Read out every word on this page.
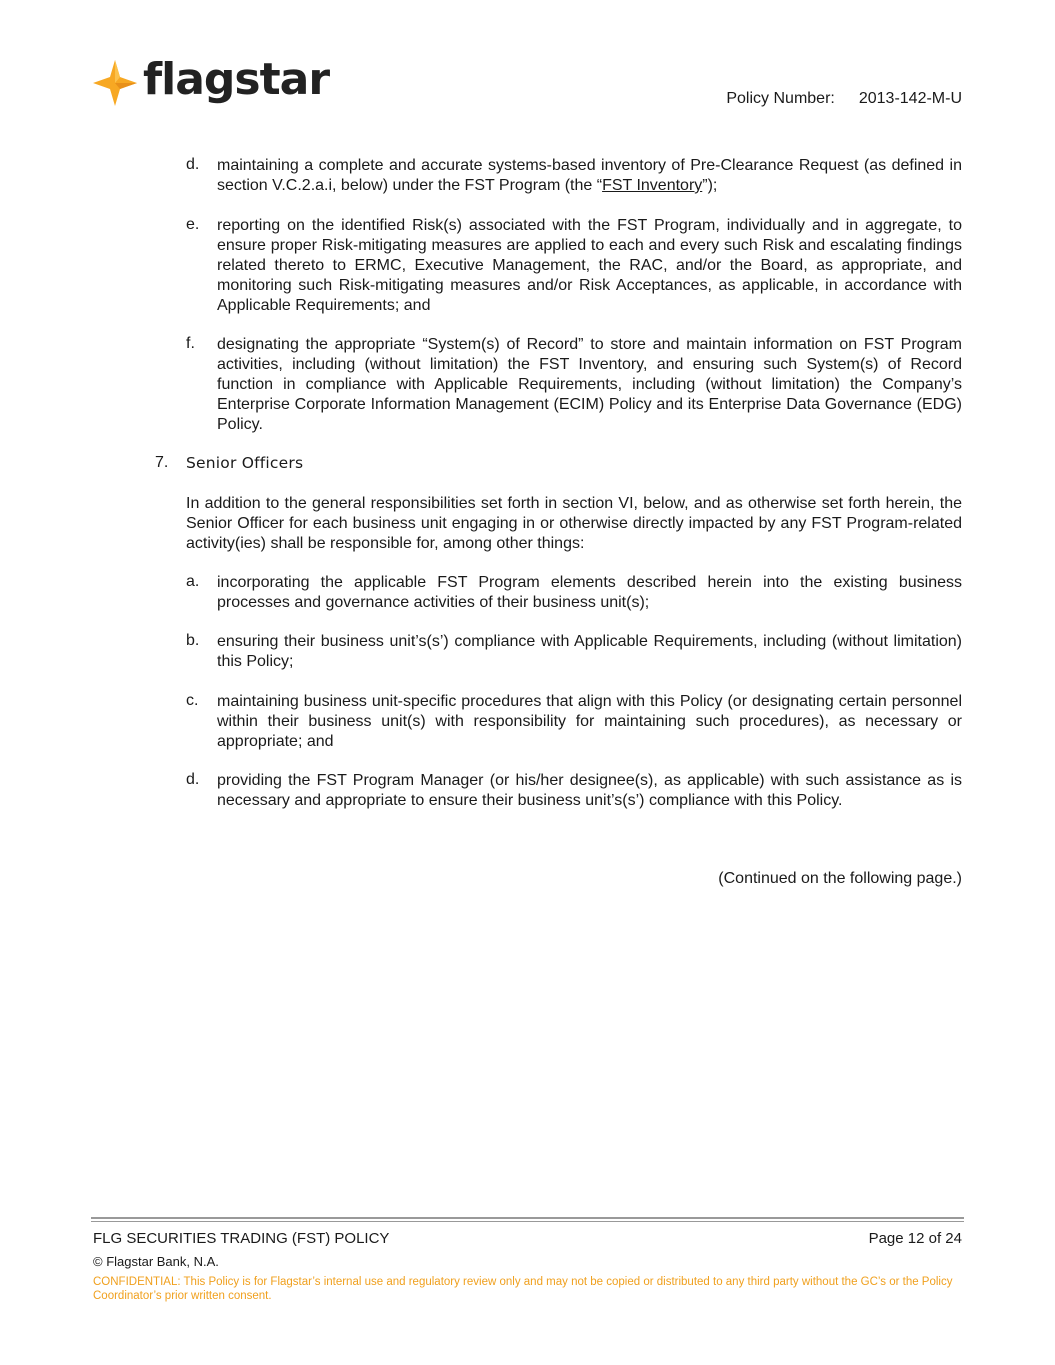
flagstar	Policy Number: 2013-142-M-U
d. maintaining a complete and accurate systems-based inventory of Pre-Clearance Request (as defined in section V.C.2.a.i, below) under the FST Program (the “FST Inventory”);
e. reporting on the identified Risk(s) associated with the FST Program, individually and in aggregate, to ensure proper Risk-mitigating measures are applied to each and every such Risk and escalating findings related thereto to ERMC, Executive Management, the RAC, and/or the Board, as appropriate, and monitoring such Risk-mitigating measures and/or Risk Acceptances, as applicable, in accordance with Applicable Requirements; and
f. designating the appropriate “System(s) of Record” to store and maintain information on FST Program activities, including (without limitation) the FST Inventory, and ensuring such System(s) of Record function in compliance with Applicable Requirements, including (without limitation) the Company’s Enterprise Corporate Information Management (ECIM) Policy and its Enterprise Data Governance (EDG) Policy.
7. Senior Officers
In addition to the general responsibilities set forth in section VI, below, and as otherwise set forth herein, the Senior Officer for each business unit engaging in or otherwise directly impacted by any FST Program-related activity(ies) shall be responsible for, among other things:
a. incorporating the applicable FST Program elements described herein into the existing business processes and governance activities of their business unit(s);
b. ensuring their business unit’s(s’) compliance with Applicable Requirements, including (without limitation) this Policy;
c. maintaining business unit-specific procedures that align with this Policy (or designating certain personnel within their business unit(s) with responsibility for maintaining such procedures), as necessary or appropriate; and
d. providing the FST Program Manager (or his/her designee(s), as applicable) with such assistance as is necessary and appropriate to ensure their business unit’s(s’) compliance with this Policy.
(Continued on the following page.)
FLG SECURITIES TRADING (FST) POLICY	Page 12 of 24
© Flagstar Bank, N.A.
CONFIDENTIAL: This Policy is for Flagstar’s internal use and regulatory review only and may not be copied or distributed to any third party without the GC’s or the Policy Coordinator’s prior written consent.
